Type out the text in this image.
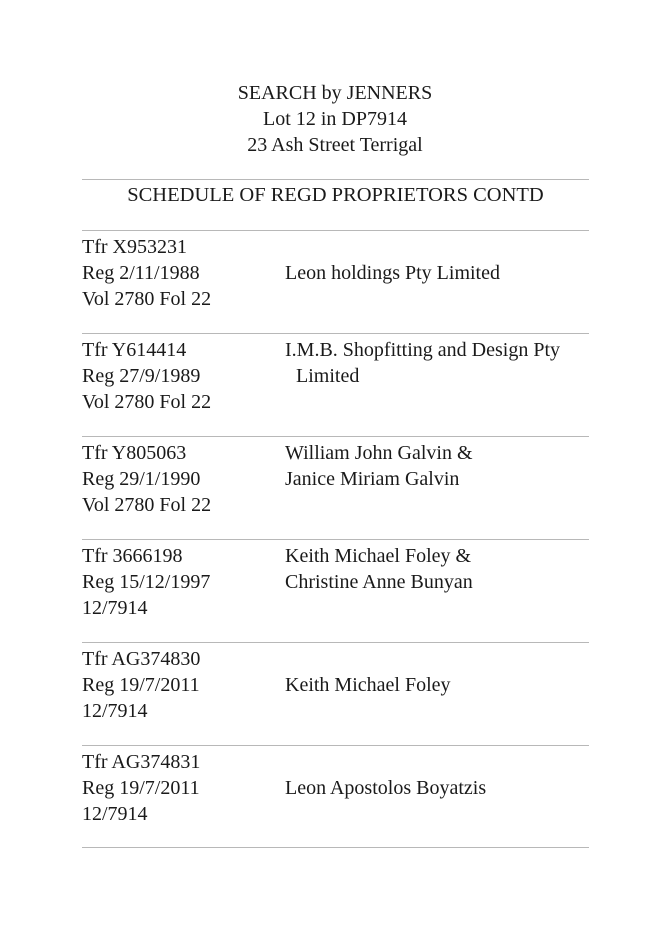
SEARCH by JENNERS
Lot 12 in DP7914
23 Ash Street Terrigal
SCHEDULE OF REGD PROPRIETORS CONTD
Tfr X953231
Reg 2/11/1988
Vol 2780 Fol 22
Leon holdings Pty Limited
Tfr Y614414
Reg 27/9/1989
Vol 2780 Fol 22
I.M.B. Shopfitting and Design Pty
Limited
Tfr Y805063
Reg 29/1/1990
Vol 2780 Fol 22
William John Galvin &
Janice Miriam Galvin
Tfr 3666198
Reg 15/12/1997
12/7914
Keith Michael Foley &
Christine Anne Bunyan
Tfr AG374830
Reg 19/7/2011
12/7914
Keith Michael Foley
Tfr AG374831
Reg 19/7/2011
12/7914
Leon Apostolos Boyatzis
